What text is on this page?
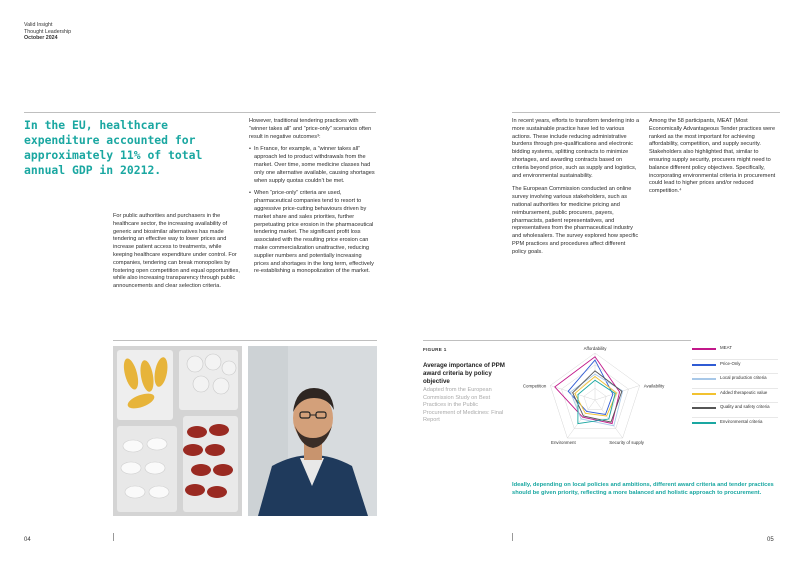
Valid Insight
Thought Leadership
October 2024
In the EU, healthcare expenditure accounted for approximately 11% of total annual GDP in 20212.

For public authorities and purchasers in the healthcare sector, the increasing availability of generic and biosimilar alternatives has made tendering an effective way to lower prices and increase patient access to treatments, while keeping healthcare expenditure under control. For companies, tendering can break monopolies by fostering open competition and equal opportunities, while also increasing transparency through public announcements and clear selection criteria.

However, traditional tendering practices with “winner takes all” and “price-only” scenarios often result in negative outcomes³:

• In France, for example, a “winner takes all” approach led to product withdrawals from the market. Over time, some medicine classes had only one alternative available, causing shortages when supply quotas couldn’t be met.
• When “price-only” criteria are used, pharmaceutical companies tend to resort to aggressive price-cutting behaviours driven by market share and sales priorities, further perpetuating price erosion in the pharmaceutical tendering market. The significant profit loss associated with the resulting price erosion can make commercialization unattractive, reducing supplier numbers and potentially increasing prices and shortages in the long term, effectively re-establishing a monopolization of the market.
04

In recent years, efforts to transform tendering into a more sustainable practice have led to various actions. These include reducing administrative burdens through pre-qualifications and electronic bidding systems, splitting contracts to minimize shortages, and awarding contracts based on criteria beyond price, such as supply and logistics, and environmental sustainability.

The European Commission conducted an online survey involving various stakeholders, such as national authorities for medicine pricing and reimbursement, public procurers, payers, pharmacists, patient representatives, and representatives from the pharmaceutical industry and wholesalers. The survey explored how specific PPM practices and procedures affect different policy goals.

Among the 58 participants, MEAT (Most Economically Advantageous Tender practices were ranked as the most important for achieving affordability, competition, and supply security. Stakeholders also highlighted that, similar to ensuring supply security, procurers might need to balance different policy objectives. Specifically, incorporating environmental criteria in procurement could lead to higher prices and/or reduced competition.⁴

FIGURE 1
Average importance of PPM award criteria by policy objective
Adapted from the European Commission Study on Best Practices in the Public Procurement of Medicines: Final Report
Affordability
Availability
Security of supply
Environment
Competition
MEAT
Price-Only
Local production criteria
Added therapeutic value
Quality and safety criteria
Environmental criteria
Ideally, depending on local policies and ambitions, different award criteria and tender practices should be given priority, reflecting a more balanced and holistic approach to procurement.
05
